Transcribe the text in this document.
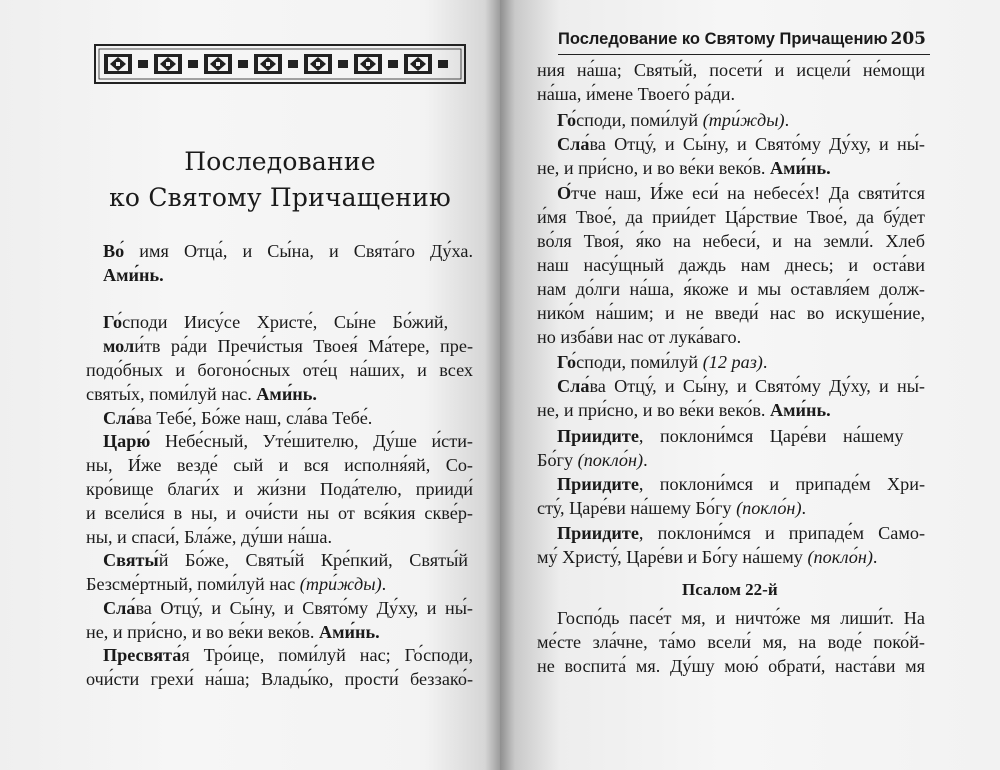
Последование
ко Святому Причащению

Во́ имя Отца́, и Сы́на, и Свята́го Ду́ха.

Ами́нь.

Го́споди Иису́се Христе́, Сы́не Бо́жий,

моли́тв ра́ди Пречи́стыя Твоея́ Ма́тере, пре-

подо́бных и богоно́сных оте́ц на́ших, и всех

святы́х, поми́луй нас. Ами́нь.

Сла́ва Тебе́, Бо́же наш, сла́ва Тебе́.

Царю́ Небе́сный, Уте́шителю, Ду́ше и́сти-

ны, И́же везде́ сый и вся исполня́яй, Со-

кро́вище благи́х и жи́зни Пода́телю, прииди́

и всели́ся в ны, и очи́сти ны от вся́кия скве́р-

ны, и спаси́, Бла́же, ду́ши на́ша.

Святы́й Бо́же, Святы́й Кре́пкий, Святы́й

Безсме́ртный, поми́луй нас (три́жды).

Сла́ва Отцу́, и Сы́ну, и Свято́му Ду́ху, и ны́-

не, и при́сно, и во ве́ки веко́в. Ами́нь.

Пресвята́я Тро́ице, поми́луй нас; Го́споди,

очи́сти грехи́ на́ша; Влады́ко, прости́ беззако́-

Последование ко Святому Причащению 205

ния на́ша; Святы́й, посети́ и исцели́ не́мощи

на́ша, и́мене Твоего́ ра́ди.

Го́споди, поми́луй (три́жды).

Сла́ва Отцу́, и Сы́ну, и Свято́му Ду́ху, и ны́-

не, и при́сно, и во ве́ки веко́в. Ами́нь.

О́тче наш, И́же еси́ на небесе́х! Да святи́тся

и́мя Твое́, да прии́дет Ца́рствие Твое́, да бу́дет

во́ля Твоя́, я́ко на небеси́, и на земли́. Хлеб

наш насу́щный даждь нам днесь; и оста́ви

нам до́лги на́ша, я́коже и мы оставля́ем долж-

нико́м на́шим; и не введи́ нас во искуше́ние,

но изба́ви нас от лука́ваго.

Го́споди, поми́луй (12 раз).

Сла́ва Отцу́, и Сы́ну, и Свято́му Ду́ху, и ны́-

не, и при́сно, и во ве́ки веко́в. Ами́нь.

Приидите, поклони́мся Царе́ви на́шему

Бо́гу (покло́н).

Приидите, поклони́мся и припаде́м Хри-

сту́, Царе́ви на́шему Бо́гу (покло́н).

Приидите, поклони́мся и припаде́м Само-

му́ Христу́, Царе́ви и Бо́гу на́шему (покло́н).

Псалом 22-й

Госпо́дь пасе́т мя, и ничто́же мя лиши́т. На

ме́сте зла́чне, та́мо всели́ мя, на воде́ поко́й-

не воспита́ мя. Ду́шу мою́ обрати́, наста́ви мя
